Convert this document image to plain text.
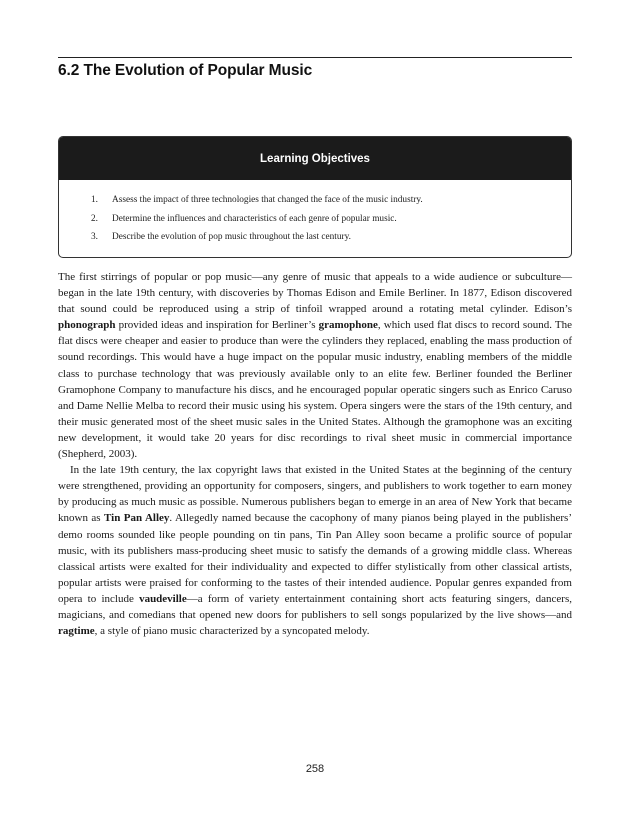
6.2 The Evolution of Popular Music
Learning Objectives
1.	Assess the impact of three technologies that changed the face of the music industry.
2.	Determine the influences and characteristics of each genre of popular music.
3.	Describe the evolution of pop music throughout the last century.

The first stirrings of popular or pop music—any genre of music that appeals to a wide audience or subculture—began in the late 19th century, with discoveries by Thomas Edison and Emile Berliner. In 1877, Edison discovered that sound could be reproduced using a strip of tinfoil wrapped around a rotating metal cylinder. Edison’s phonograph provided ideas and inspiration for Berliner’s gramophone, which used flat discs to record sound. The flat discs were cheaper and easier to produce than were the cylinders they replaced, enabling the mass production of sound recordings. This would have a huge impact on the popular music industry, enabling members of the middle class to purchase technology that was previously available only to an elite few. Berliner founded the Berliner Gramophone Company to manufacture his discs, and he encouraged popular operatic singers such as Enrico Caruso and Dame Nellie Melba to record their music using his system. Opera singers were the stars of the 19th century, and their music generated most of the sheet music sales in the United States. Although the gramophone was an exciting new development, it would take 20 years for disc recordings to rival sheet music in commercial importance (Shepherd, 2003).

In the late 19th century, the lax copyright laws that existed in the United States at the beginning of the century were strengthened, providing an opportunity for composers, singers, and publishers to work together to earn money by producing as much music as possible. Numerous publishers began to emerge in an area of New York that became known as Tin Pan Alley. Allegedly named because the cacophony of many pianos being played in the publishers’ demo rooms sounded like people pounding on tin pans, Tin Pan Alley soon became a prolific source of popular music, with its publishers mass-producing sheet music to satisfy the demands of a growing middle class. Whereas classical artists were exalted for their individuality and expected to differ stylistically from other classical artists, popular artists were praised for conforming to the tastes of their intended audience. Popular genres expanded from opera to include vaudeville—a form of variety entertainment containing short acts featuring singers, dancers, magicians, and comedians that opened new doors for publishers to sell songs popularized by the live shows—and ragtime, a style of piano music characterized by a syncopated melody.

258
